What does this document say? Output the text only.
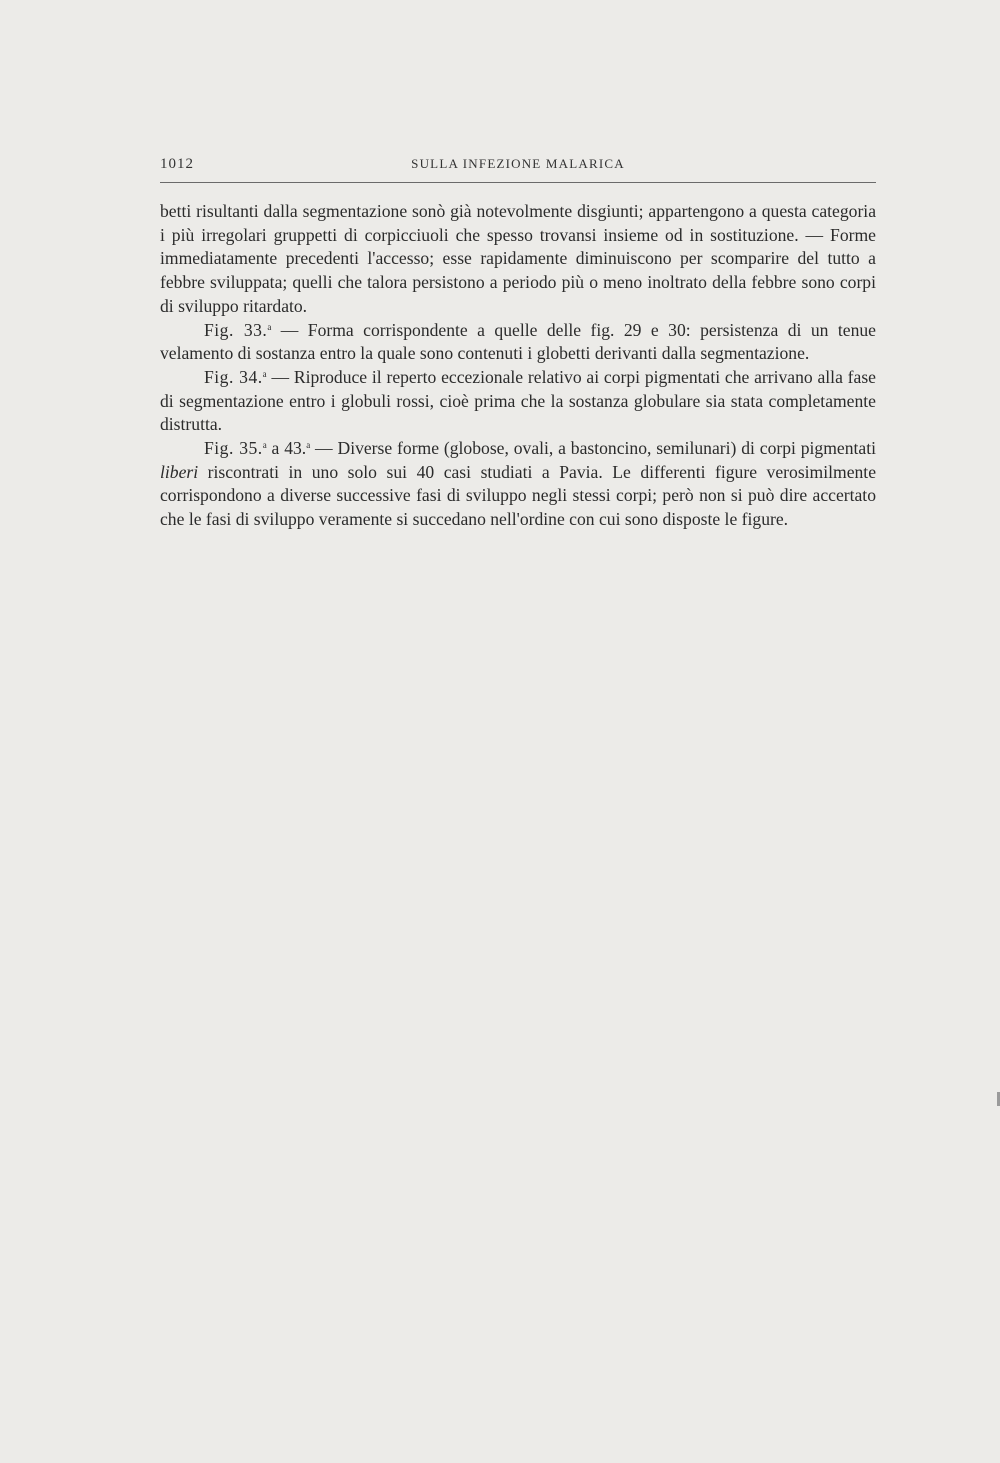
1012	SULLA INFEZIONE MALARICA

betti risultanti dalla segmentazione sonò già notevolmente disgiunti; appartengono a questa categoria i più irregolari gruppetti di corpicciuoli che spesso trovansi insieme od in sostituzione. — Forme immediatamente precedenti l'accesso; esse rapidamente diminuiscono per scomparire del tutto a febbre sviluppata; quelli che talora persistono a periodo più o meno inoltrato della febbre sono corpi di sviluppo ritardato.

Fig. 33.$^a$ — Forma corrispondente a quelle delle fig. 29 e 30: persistenza di un tenue velamento di sostanza entro la quale sono contenuti i globetti derivanti dalla segmentazione.

Fig. 34.$^a$ — Riproduce il reperto eccezionale relativo ai corpi pigmentati che arrivano alla fase di segmentazione entro i globuli rossi, cioè prima che la sostanza globulare sia stata completamente distrutta.

Fig. 35.$^a$ a 43.$^a$ — Diverse forme (globose, ovali, a bastoncino, semilunari) di corpi pigmentati liberi riscontrati in uno solo sui 40 casi studiati a Pavia. Le differenti figure verosimilmente corrispondono a diverse successive fasi di sviluppo negli stessi corpi; però non si può dire accertato che le fasi di sviluppo veramente si succedano nell'ordine con cui sono disposte le figure.
